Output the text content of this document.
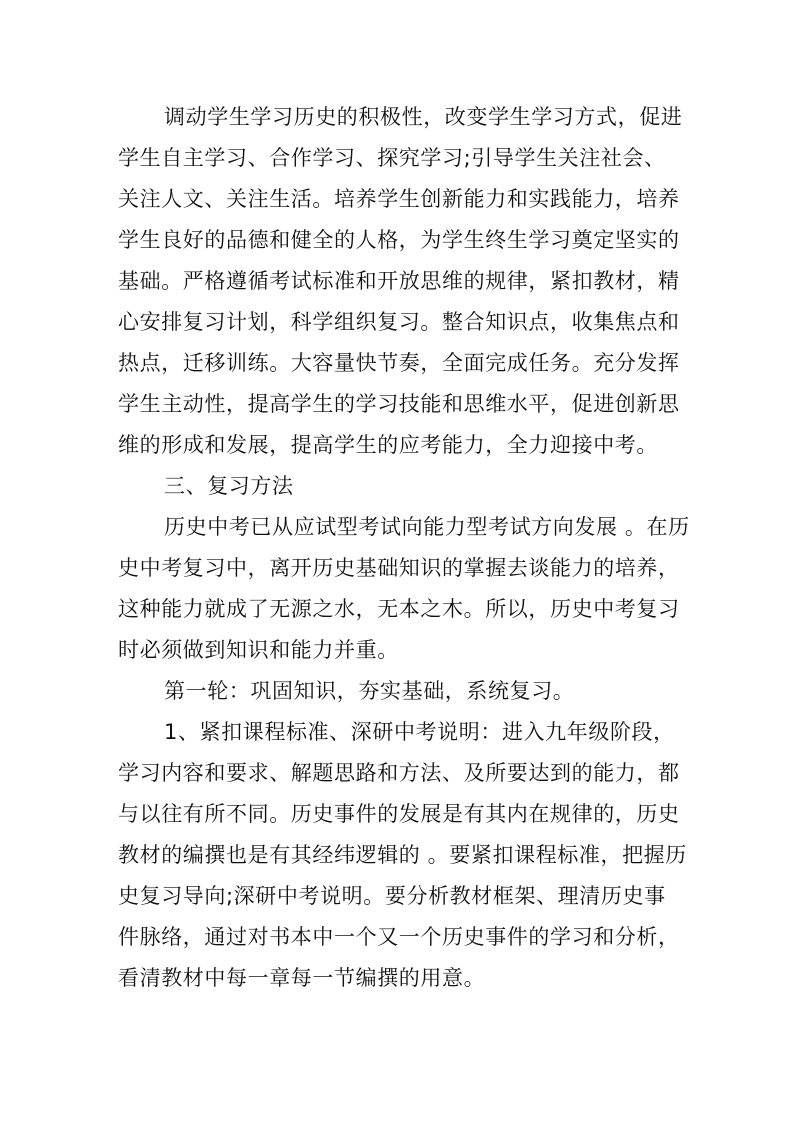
调动学生学习历史的积极性，改变学生学习方式，促进
学生自主学习、合作学习、探究学习;引导学生关注社会、
关注人文、关注生活。培养学生创新能力和实践能力，培养
学生良好的品德和健全的人格，为学生终生学习奠定坚实的
基础。严格遵循考试标准和开放思维的规律，紧扣教材，精
心安排复习计划，科学组织复习。整合知识点，收集焦点和
热点，迁移训练。大容量快节奏，全面完成任务。充分发挥
学生主动性，提高学生的学习技能和思维水平，促进创新思
维的形成和发展，提高学生的应考能力，全力迎接中考。
三、复习方法
历史中考已从应试型考试向能力型考试方向发展 。在历
史中考复习中，离开历史基础知识的掌握去谈能力的培养，
这种能力就成了无源之水，无本之木。所以，历史中考复习
时必须做到知识和能力并重。
第一轮：巩固知识，夯实基础，系统复习。
1、紧扣课程标准、深研中考说明：进入九年级阶段，
学习内容和要求、解题思路和方法、及所要达到的能力，都
与以往有所不同。历史事件的发展是有其内在规律的，历史
教材的编撰也是有其经纬逻辑的 。要紧扣课程标准，把握历
史复习导向;深研中考说明。要分析教材框架、理清历史事
件脉络，通过对书本中一个又一个历史事件的学习和分析，
看清教材中每一章每一节编撰的用意。
